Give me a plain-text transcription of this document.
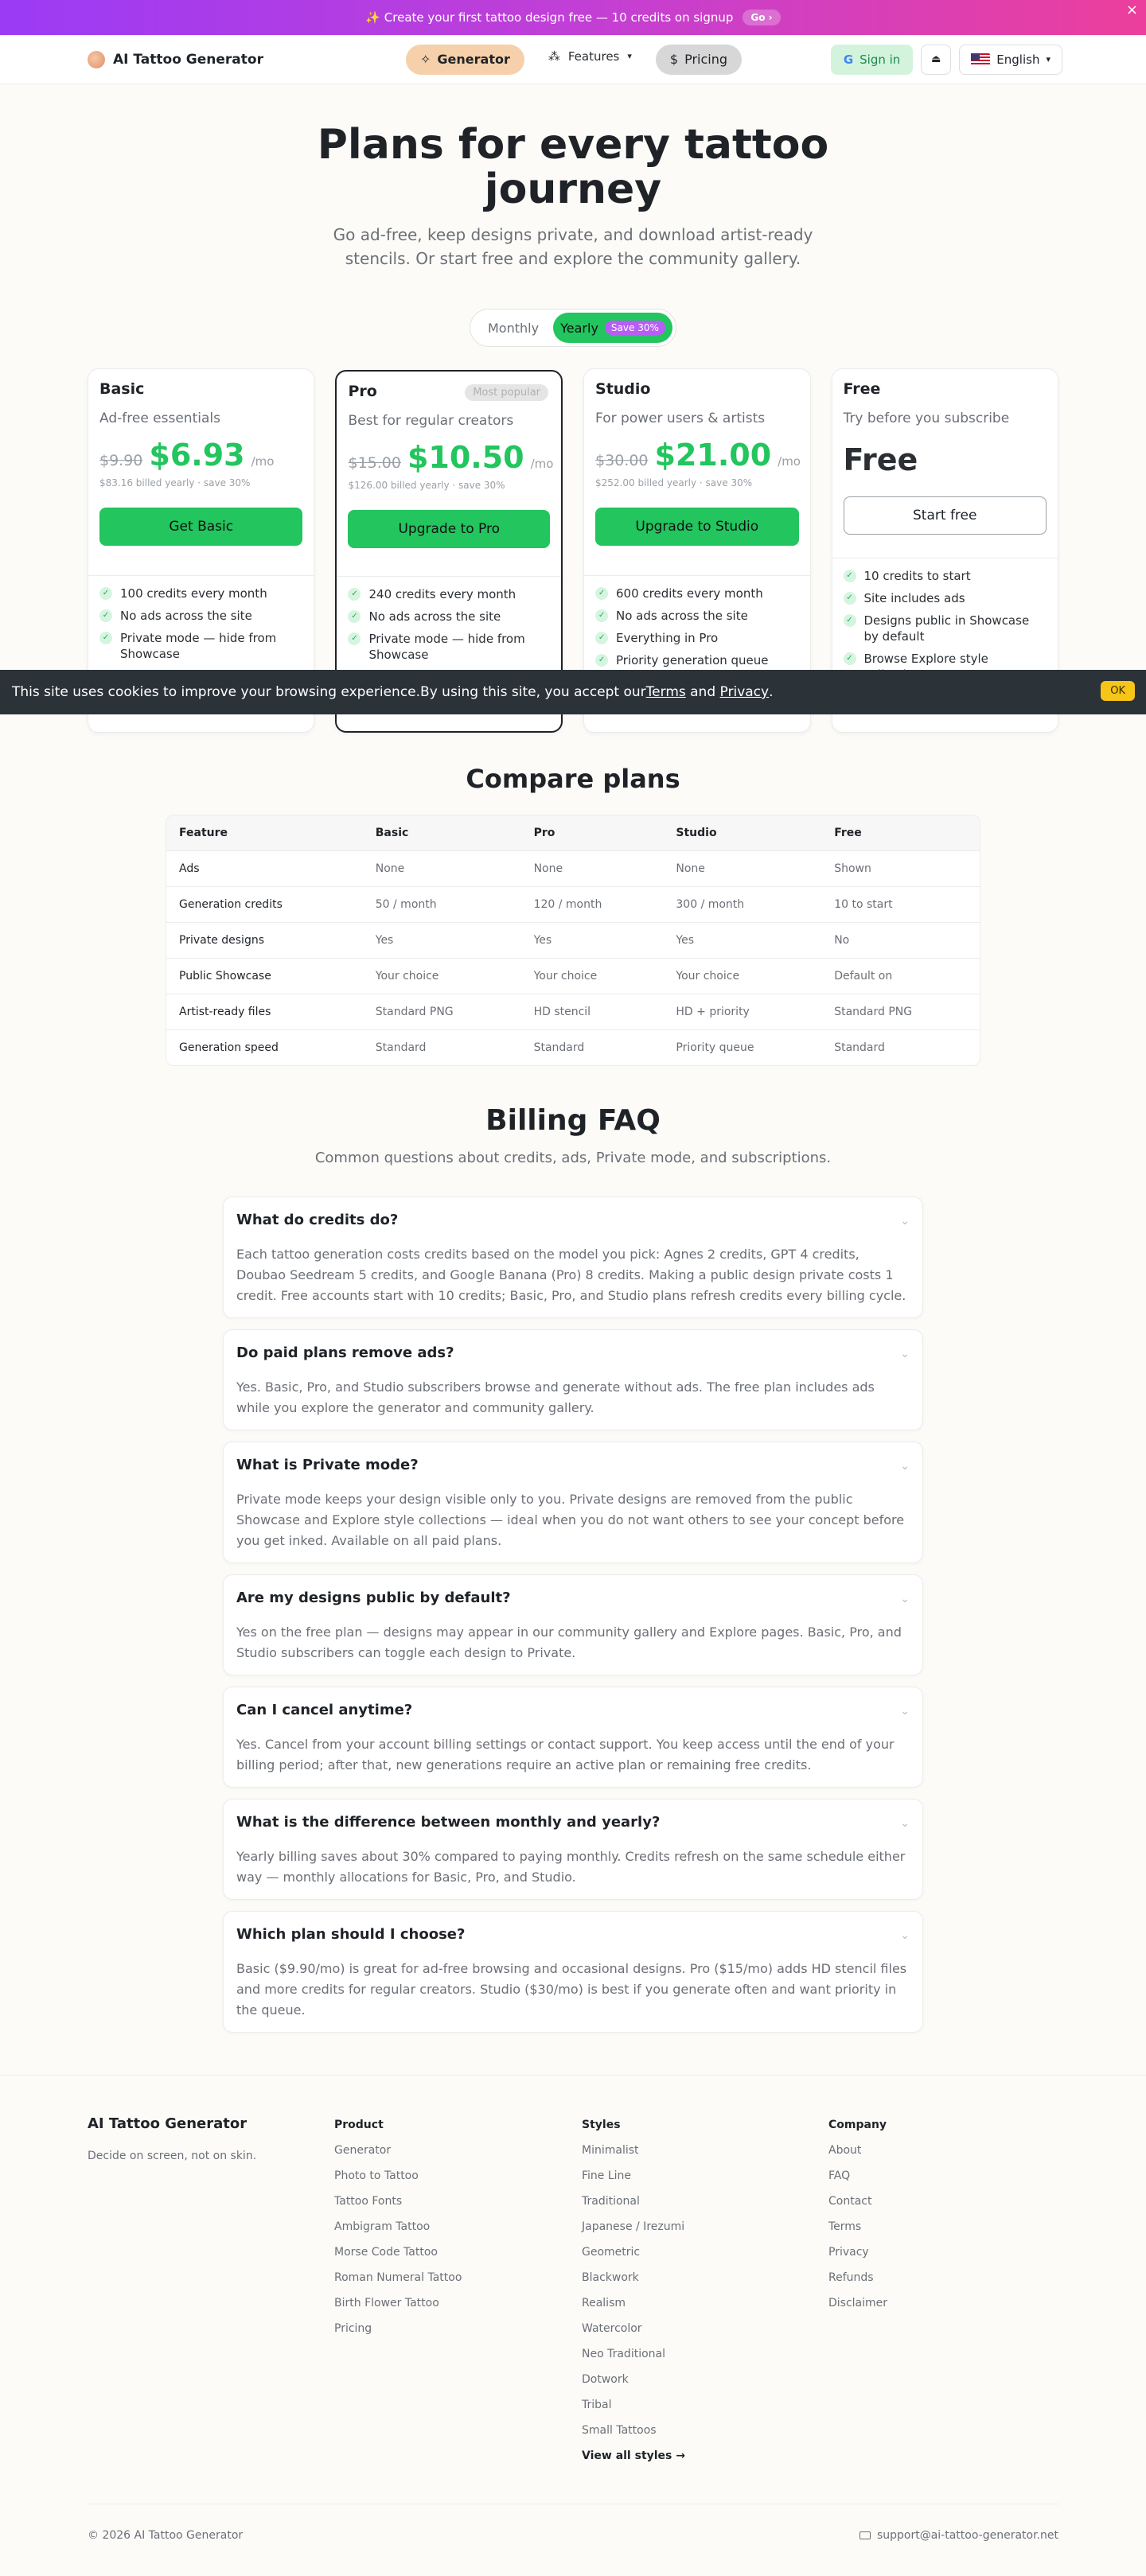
✨ Create your first tattoo design free — 10 credits on signup	Go ›	×
AI Tattoo Generator	✧ Generator	⁂ Features ▾	$ Pricing	G Sign in	⏏	English ▾
Plans for every tattoo journey

Go ad-free, keep designs private, and download artist-ready stencils. Or start free and explore the community gallery.

Monthly	Yearly	Save 30%
Basic
Ad-free essentials
$9.90 $6.93 /mo
$83.16 billed yearly · save 30%
Get Basic
✓ 100 credits every month
✓ No ads across the site
✓ Private mode — hide from Showcase
Most popular
Pro
Best for regular creators
$15.00 $10.50 /mo
$126.00 billed yearly · save 30%
Upgrade to Pro
✓ 240 credits every month
✓ No ads across the site
✓ Private mode — hide from Showcase
Studio
For power users & artists
$30.00 $21.00 /mo
$252.00 billed yearly · save 30%
Upgrade to Studio
✓ 600 credits every month
✓ No ads across the site
✓ Everything in Pro
✓ Priority generation queue
Free
Try before you subscribe
Free
Start free
✓ 10 credits to start
✓ Site includes ads
✓ Designs public in Showcase by default
✓ Browse Explore style
This site uses cookies to improve your browsing experience.By using this site, you accept our Terms and Privacy .	OK
Compare plans
Feature	Basic	Pro	Studio	Free
Ads	None	None	None	Shown
Generation credits	50 / month	120 / month	300 / month	10 to start
Private designs	Yes	Yes	Yes	No
Public Showcase	Your choice	Your choice	Your choice	Default on
Artist-ready files	Standard PNG	HD stencil	HD + priority	Standard PNG
Generation speed	Standard	Standard	Priority queue	Standard
Billing FAQ
Common questions about credits, ads, Private mode, and subscriptions.
What do credits do?	⌄
Each tattoo generation costs credits based on the model you pick: Agnes 2 credits, GPT 4 credits, Doubao Seedream 5 credits, and Google Banana (Pro) 8 credits. Making a public design private costs 1 credit. Free accounts start with 10 credits; Basic, Pro, and Studio plans refresh credits every billing cycle.
Do paid plans remove ads?	⌄
Yes. Basic, Pro, and Studio subscribers browse and generate without ads. The free plan includes ads while you explore the generator and community gallery.
What is Private mode?	⌄
Private mode keeps your design visible only to you. Private designs are removed from the public Showcase and Explore style collections — ideal when you do not want others to see your concept before you get inked. Available on all paid plans.
Are my designs public by default?	⌄
Yes on the free plan — designs may appear in our community gallery and Explore pages. Basic, Pro, and Studio subscribers can toggle each design to Private.
Can I cancel anytime?	⌄
Yes. Cancel from your account billing settings or contact support. You keep access until the end of your billing period; after that, new generations require an active plan or remaining free credits.
What is the difference between monthly and yearly?	⌄
Yearly billing saves about 30% compared to paying monthly. Credits refresh on the same schedule either way — monthly allocations for Basic, Pro, and Studio.
Which plan should I choose?	⌄
Basic ($9.90/mo) is great for ad-free browsing and occasional designs. Pro ($15/mo) adds HD stencil files and more credits for regular creators. Studio ($30/mo) is best if you generate often and want priority in the queue.
AI Tattoo Generator
Decide on screen, not on skin.
Product
Generator
Photo to Tattoo
Tattoo Fonts
Ambigram Tattoo
Morse Code Tattoo
Roman Numeral Tattoo
Birth Flower Tattoo
Pricing
Styles
Minimalist
Fine Line
Traditional
Japanese / Irezumi
Geometric
Blackwork
Realism
Watercolor
Neo Traditional
Dotwork
Tribal
Small Tattoos
View all styles →
Company
About
FAQ
Contact
Terms
Privacy
Refunds
Disclaimer
© 2026 AI Tattoo Generator	support@ai-tattoo-generator.net
